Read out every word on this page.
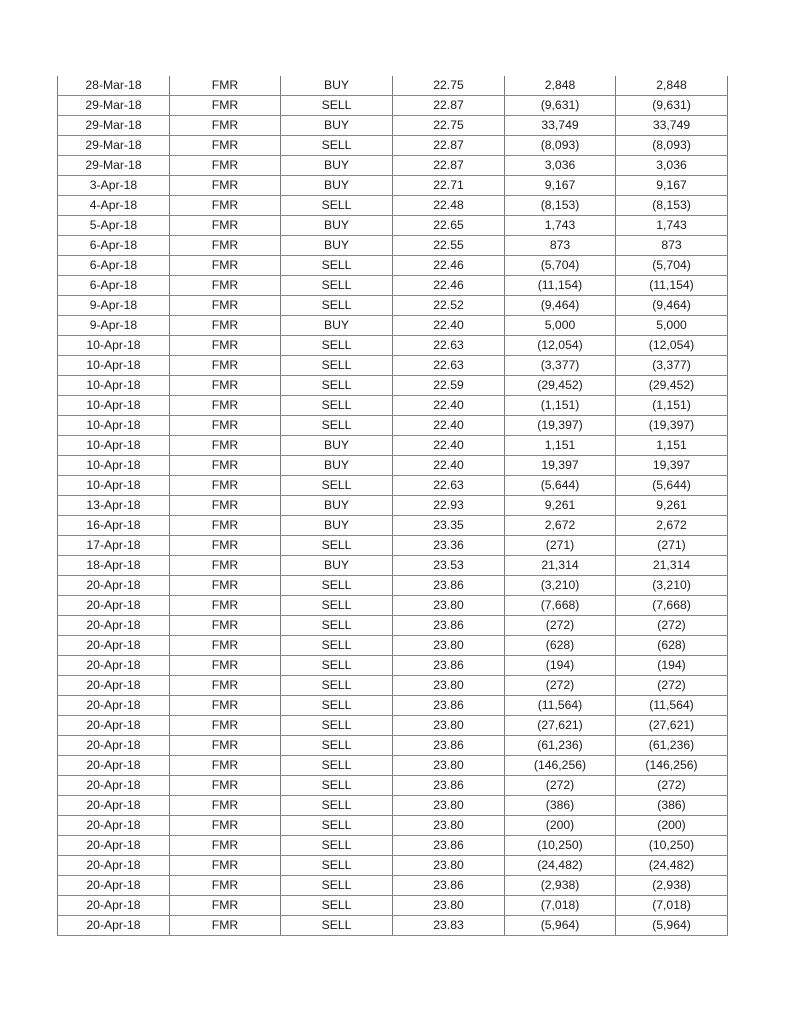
28-Mar-18	FMR	BUY	22.75	2,848	2,848
29-Mar-18	FMR	SELL	22.87	(9,631)	(9,631)
29-Mar-18	FMR	BUY	22.75	33,749	33,749
29-Mar-18	FMR	SELL	22.87	(8,093)	(8,093)
29-Mar-18	FMR	BUY	22.87	3,036	3,036
3-Apr-18	FMR	BUY	22.71	9,167	9,167
4-Apr-18	FMR	SELL	22.48	(8,153)	(8,153)
5-Apr-18	FMR	BUY	22.65	1,743	1,743
6-Apr-18	FMR	BUY	22.55	873	873
6-Apr-18	FMR	SELL	22.46	(5,704)	(5,704)
6-Apr-18	FMR	SELL	22.46	(11,154)	(11,154)
9-Apr-18	FMR	SELL	22.52	(9,464)	(9,464)
9-Apr-18	FMR	BUY	22.40	5,000	5,000
10-Apr-18	FMR	SELL	22.63	(12,054)	(12,054)
10-Apr-18	FMR	SELL	22.63	(3,377)	(3,377)
10-Apr-18	FMR	SELL	22.59	(29,452)	(29,452)
10-Apr-18	FMR	SELL	22.40	(1,151)	(1,151)
10-Apr-18	FMR	SELL	22.40	(19,397)	(19,397)
10-Apr-18	FMR	BUY	22.40	1,151	1,151
10-Apr-18	FMR	BUY	22.40	19,397	19,397
10-Apr-18	FMR	SELL	22.63	(5,644)	(5,644)
13-Apr-18	FMR	BUY	22.93	9,261	9,261
16-Apr-18	FMR	BUY	23.35	2,672	2,672
17-Apr-18	FMR	SELL	23.36	(271)	(271)
18-Apr-18	FMR	BUY	23.53	21,314	21,314
20-Apr-18	FMR	SELL	23.86	(3,210)	(3,210)
20-Apr-18	FMR	SELL	23.80	(7,668)	(7,668)
20-Apr-18	FMR	SELL	23.86	(272)	(272)
20-Apr-18	FMR	SELL	23.80	(628)	(628)
20-Apr-18	FMR	SELL	23.86	(194)	(194)
20-Apr-18	FMR	SELL	23.80	(272)	(272)
20-Apr-18	FMR	SELL	23.86	(11,564)	(11,564)
20-Apr-18	FMR	SELL	23.80	(27,621)	(27,621)
20-Apr-18	FMR	SELL	23.86	(61,236)	(61,236)
20-Apr-18	FMR	SELL	23.80	(146,256)	(146,256)
20-Apr-18	FMR	SELL	23.86	(272)	(272)
20-Apr-18	FMR	SELL	23.80	(386)	(386)
20-Apr-18	FMR	SELL	23.80	(200)	(200)
20-Apr-18	FMR	SELL	23.86	(10,250)	(10,250)
20-Apr-18	FMR	SELL	23.80	(24,482)	(24,482)
20-Apr-18	FMR	SELL	23.86	(2,938)	(2,938)
20-Apr-18	FMR	SELL	23.80	(7,018)	(7,018)
20-Apr-18	FMR	SELL	23.83	(5,964)	(5,964)
